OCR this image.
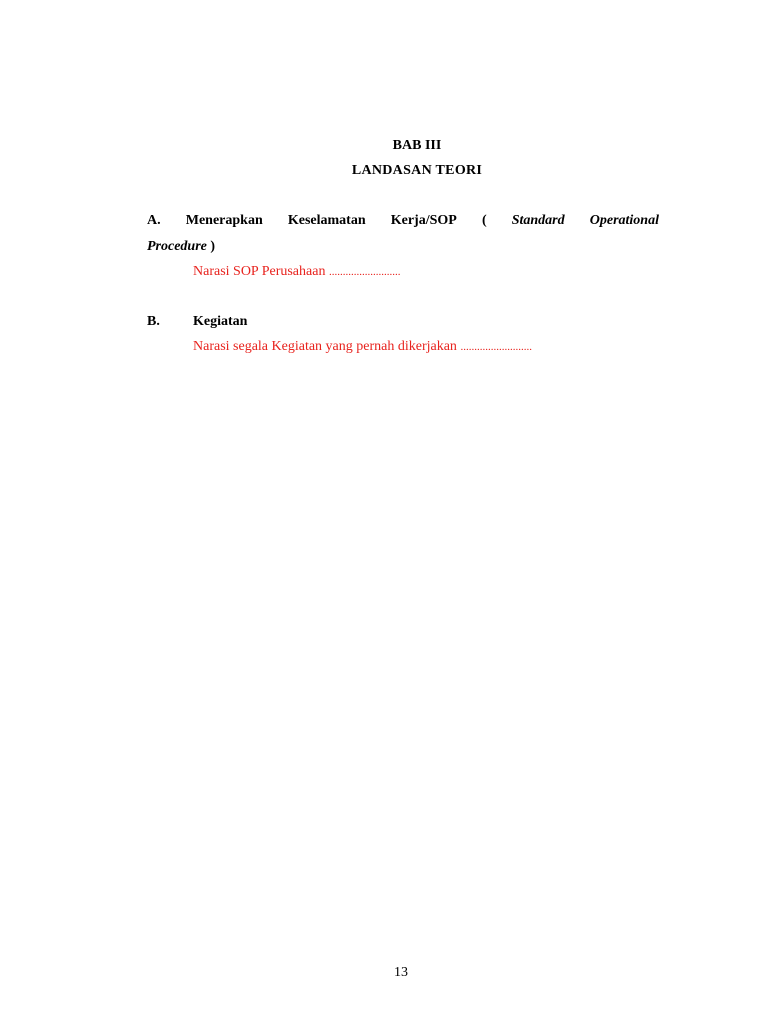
BAB III
LANDASAN TEORI
A. Menerapkan Keselamatan Kerja/SOP ( Standard Operational
Procedure )
Narasi SOP Perusahaan ..........................
B. Kegiatan
Narasi segala Kegiatan yang pernah dikerjakan ..........................
13
